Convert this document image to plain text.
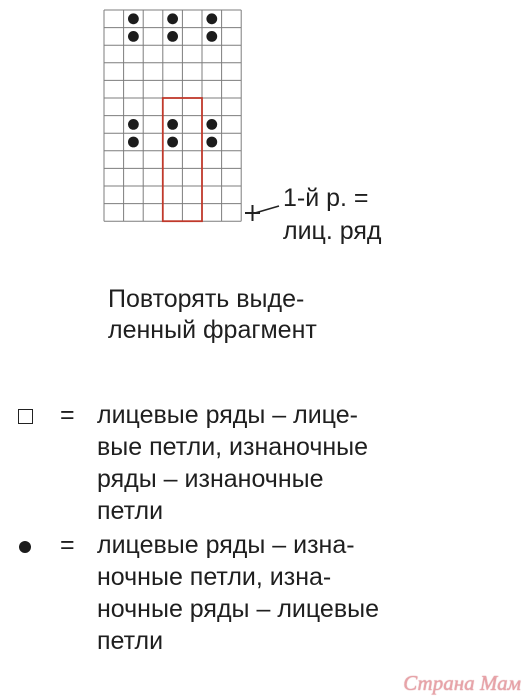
1-й р. =
лиц. ряд
Повторять выде-
ленный фрагмент
= лицевые ряды – лице-
вые петли, изнаночные
ряды – изнаночные
петли
= лицевые ряды – изна-
ночные петли, изна-
ночные ряды – лицевые
петли
Страна Мам
